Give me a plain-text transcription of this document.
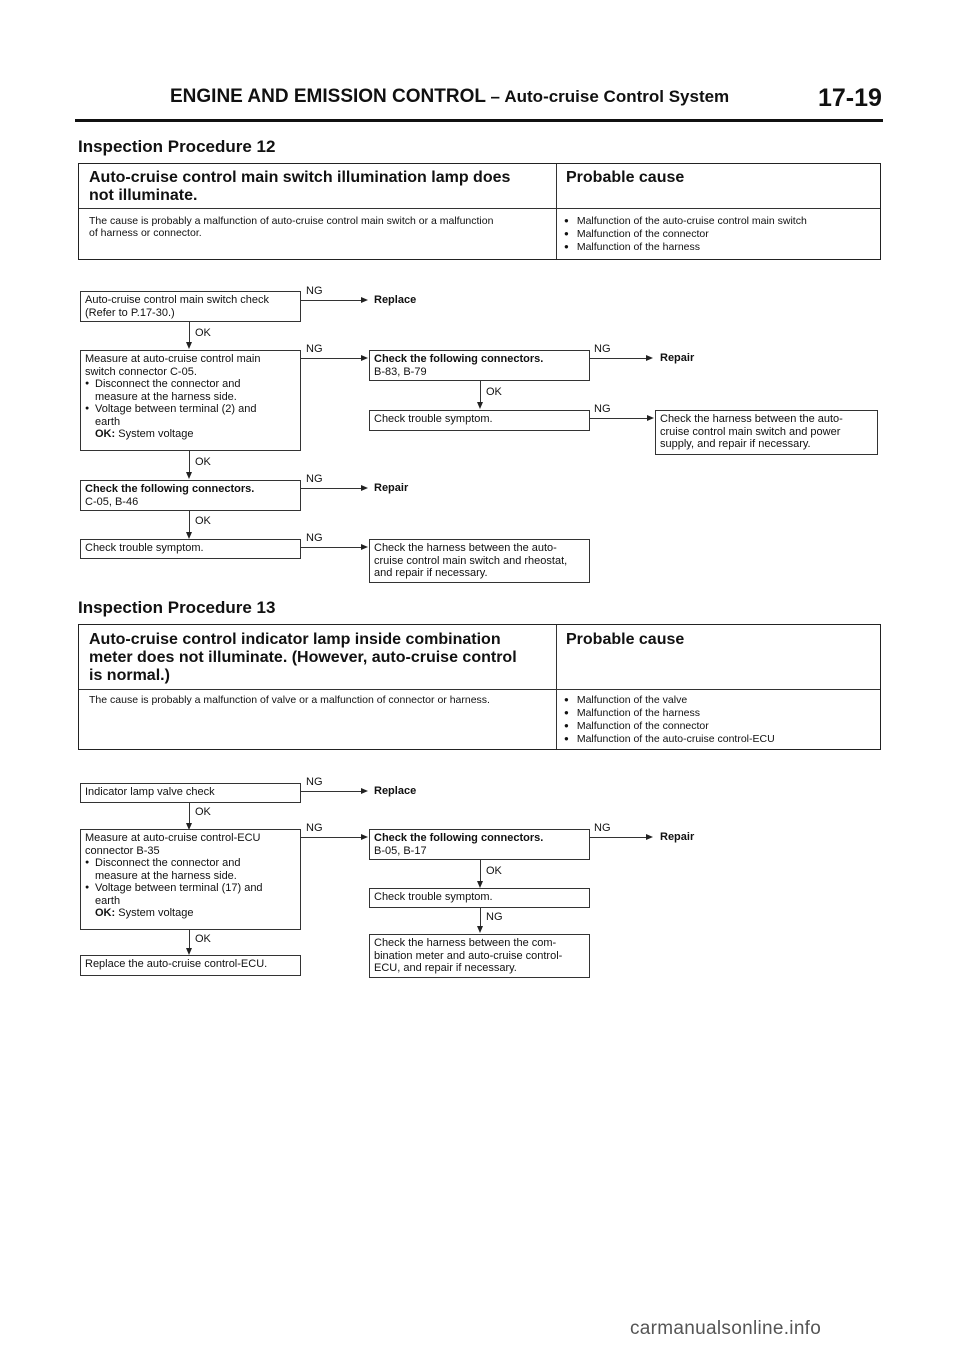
ENGINE AND EMISSION CONTROL – Auto-cruise Control System	17-19
Inspection Procedure 12
Auto-cruise control main switch illumination lamp does
not illuminate.
Probable cause
The cause is probably a malfunction of auto-cruise control main switch or a malfunction
of harness or connector.
● Malfunction of the auto-cruise control main switch
● Malfunction of the connector
● Malfunction of the harness
Auto-cruise control main switch check
(Refer to P.17-30.)
NG
Replace
OK
Measure at auto-cruise control main
switch connector C-05.
● Disconnect the connector and
measure at the harness side.
● Voltage between terminal (2) and
earth
OK: System voltage
NG
Check the following connectors.
B-83, B-79
NG
Repair
OK
Check trouble symptom.
NG
Check the harness between the auto-
cruise control main switch and power
supply, and repair if necessary.
OK
Check the following connectors.
C-05, B-46
NG
Repair
OK
Check trouble symptom.
NG
Check the harness between the auto-
cruise control main switch and rheostat,
and repair if necessary.
Inspection Procedure 13
Auto-cruise control indicator lamp inside combination
meter does not illuminate. (However, auto-cruise control
is normal.)
Probable cause
The cause is probably a malfunction of valve or a malfunction of connector or harness.
●	Malfunction of the valve
● Malfunction of the harness
● Malfunction of the connector
● Malfunction of the auto-cruise control-ECU
Indicator lamp valve check
NG
Replace
OK
Measure at auto-cruise control-ECU
connector B-35
● Disconnect the connector and
measure at the harness side.
● Voltage between terminal (17) and
earth
OK: System voltage
NG
Check the following connectors.
B-05, B-17
NG
Repair
OK
Check trouble symptom.
NG
Check the harness between the com-
bination meter and auto-cruise control-
ECU, and repair if necessary.
OK
Replace the auto-cruise control-ECU.
carmanualsonline.info
